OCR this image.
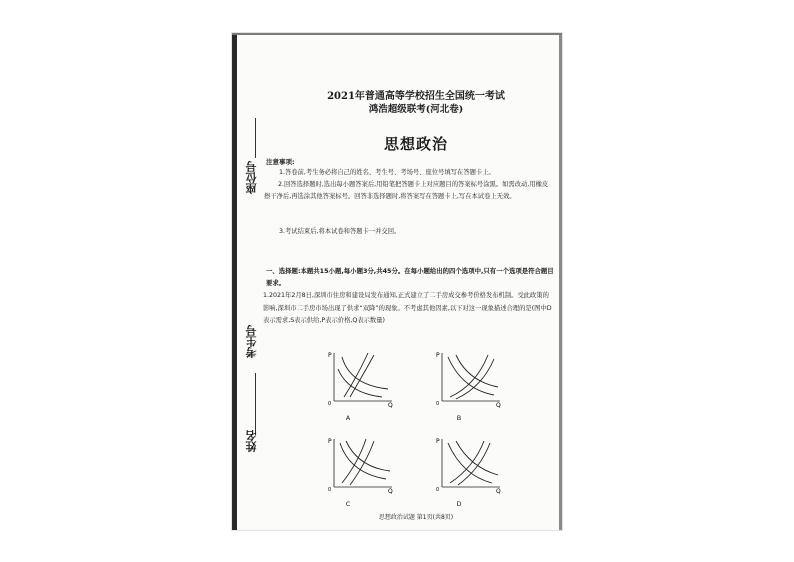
座位号
考生号
姓名
2021年普通高等学校招生全国统一考试
鸿浩超级联考(河北卷)
思想政治
注意事项:
1.答卷前,考生务必将自己的姓名、考生号、考场号、座位号填写在答题卡上。
2.回答选择题时,选出每小题答案后,用铅笔把答题卡上对应题目的答案标号涂黑。如需改动,用橡皮擦干净后,再选涂其他答案标号。回答非选择题时,将答案写在答题卡上,写在本试卷上无效。
3.考试结束后,将本试卷和答题卡一并交回。
一、选择题:本题共15小题,每小题3分,共45分。在每小题给出的四个选项中,只有一个选项是符合题目要求。
1.2021年2月8日,深圳市住房和建设局发布通知,正式建立了二手房成交参考价格发布机制。受此政策的影响,深圳市二手房市场出现了供求“双降”的现象。不考虑其他因素,以下对这一现象描述合理的是(图中D表示需求,S表示供给,P表示价格,Q表示数量)
P
Q
0
A
P
Q
0
B
P
Q
0
C
P
Q
0
D
思想政治试题 第1页(共8页)
